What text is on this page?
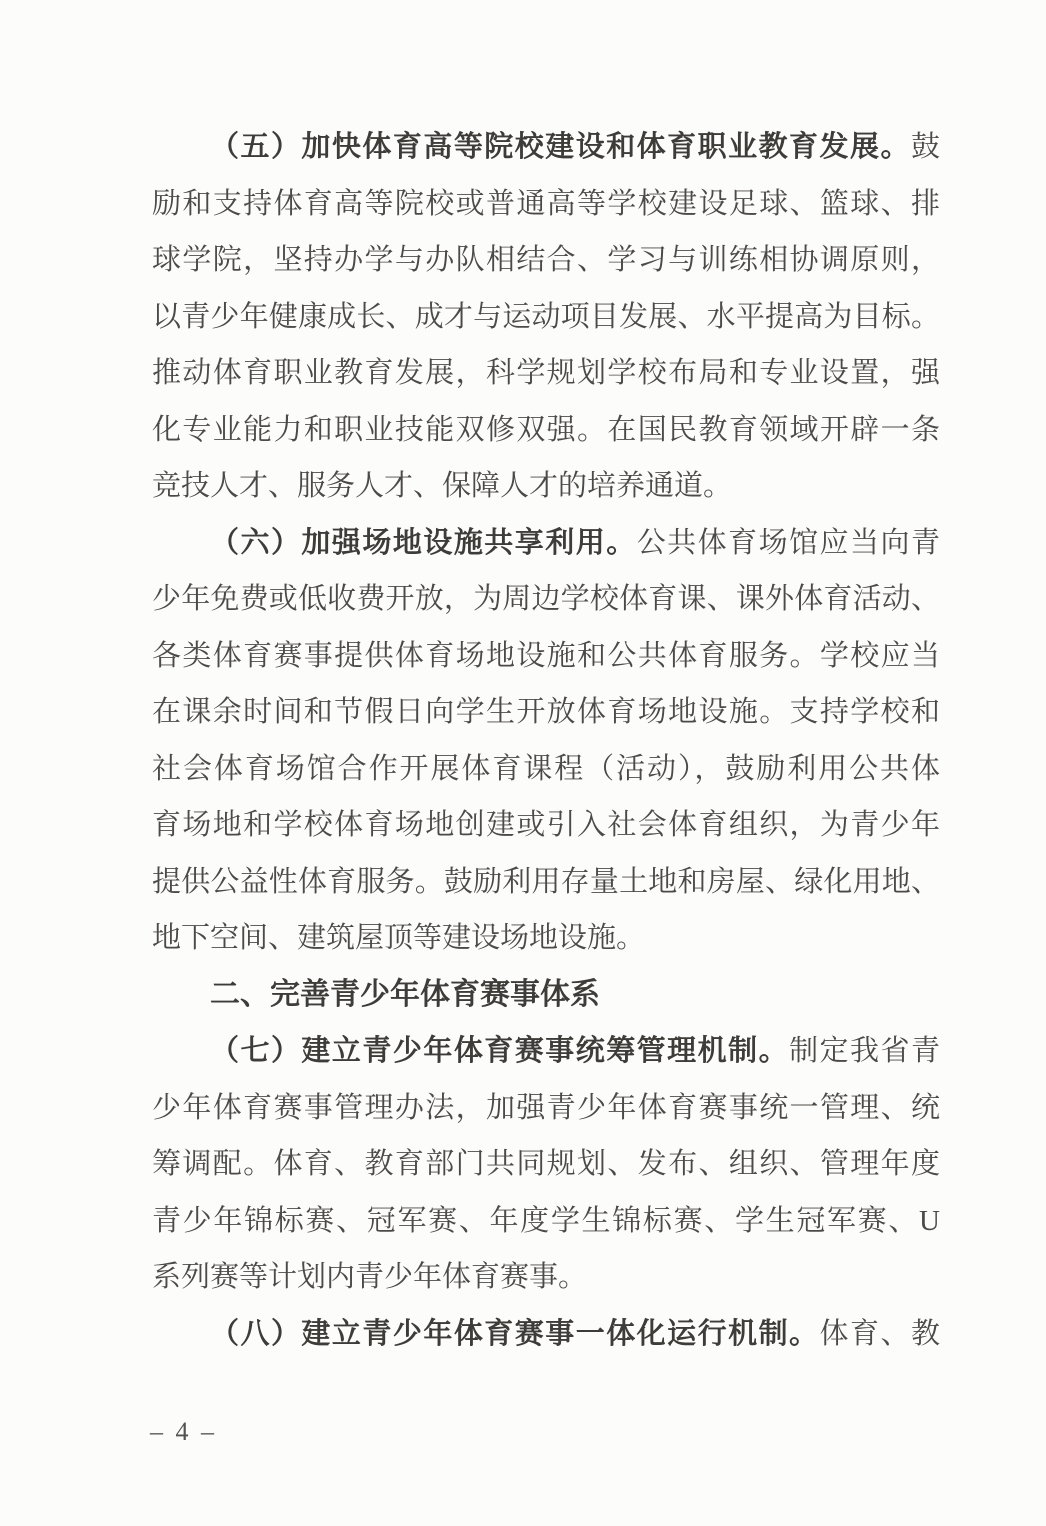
（五）加快体育高等院校建设和体育职业教育发展。鼓
励和支持体育高等院校或普通高等学校建设足球、篮球、排
球学院，坚持办学与办队相结合、学习与训练相协调原则，
以青少年健康成长、成才与运动项目发展、水平提高为目标。
推动体育职业教育发展，科学规划学校布局和专业设置，强
化专业能力和职业技能双修双强。在国民教育领域开辟一条
竞技人才、服务人才、保障人才的培养通道。
（六）加强场地设施共享利用。公共体育场馆应当向青
少年免费或低收费开放，为周边学校体育课、课外体育活动、
各类体育赛事提供体育场地设施和公共体育服务。学校应当
在课余时间和节假日向学生开放体育场地设施。支持学校和
社会体育场馆合作开展体育课程（活动），鼓励利用公共体
育场地和学校体育场地创建或引入社会体育组织，为青少年
提供公益性体育服务。鼓励利用存量土地和房屋、绿化用地、
地下空间、建筑屋顶等建设场地设施。
二、完善青少年体育赛事体系
（七）建立青少年体育赛事统筹管理机制。制定我省青
少年体育赛事管理办法，加强青少年体育赛事统一管理、统
筹调配。体育、教育部门共同规划、发布、组织、管理年度
青少年锦标赛、冠军赛、年度学生锦标赛、学生冠军赛、U
系列赛等计划内青少年体育赛事。
（八）建立青少年体育赛事一体化运行机制。体育、教
– 4 –
